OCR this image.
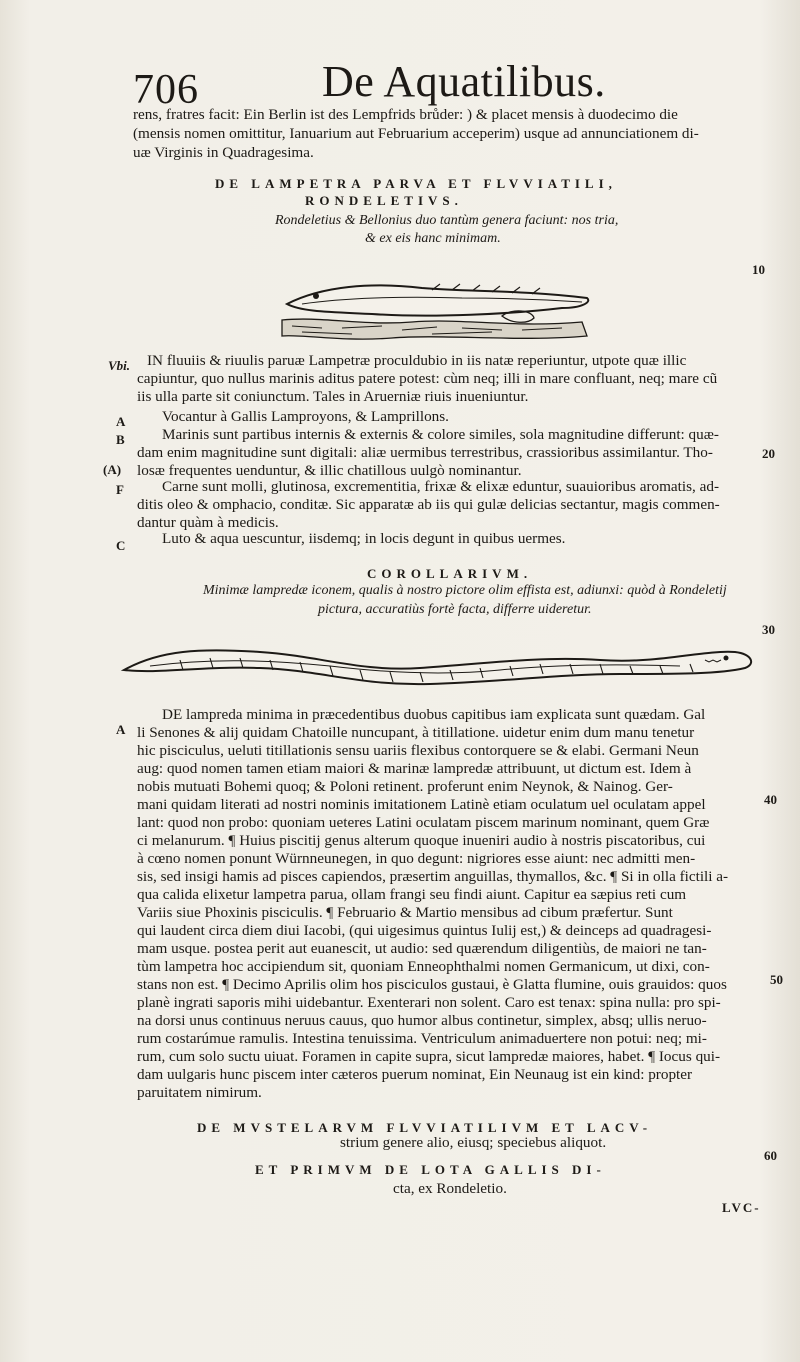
706	De Aquatilibus.
rens, fratres facit: Ein Berlin ist des Lempfrids brůder: ) & placet mensis à duodecimo die
(mensis nomen omittitur, Ianuarium aut Februarium acceperim) usque ad annunciationem di-
uæ Virginis in Quadragesima.
DE LAMPETRA PARVA ET FLVVIATILI,
RONDELETIVS.
Rondeletius & Bellonius duo tantùm genera faciunt: nos tria,
& ex eis hanc minimam.
10
Vbi. IN fluuiis & riuulis paruæ Lampetræ proculdubio in iis natæ reperiuntur, utpote quæ illic
capiuntur, quo nullus marinis aditus patere potest: cùm neq; illi in mare confluant, neq; mare cũ
iis ulla parte sit coniunctum. Tales in Aruerniæ riuis inueniuntur.
A Vocantur à Gallis Lamproyons, & Lamprillons.
B Marinis sunt partibus internis & externis & colore similes, sola magnitudine differunt: quæ-
dam enim magnitudine sunt digitali: aliæ uermibus terrestribus, crassioribus assimilantur. Tho-	20
(A) losæ frequentes uenduntur, & illic chatillous uulgò nominantur.
F	Carne sunt molli, glutinosa, excrementitia, frixæ & elixæ eduntur, suauioribus aromatis, ad-
ditis oleo & omphacio, conditæ. Sic apparatæ ab iis qui gulæ delicias sectantur, magis commen-
dantur quàm à medicis.
C Luto & aqua uescuntur, iisdemq; in locis degunt in quibus uermes.
COROLLARIVM.
Minimæ lampredæ iconem, qualis à nostro pictore olim effista est, adiunxi: quòd à Rondeletij
pictura, accuratiùs fortè facta, differre uideretur.
30
A
DE lampreda minima in præcedentibus duobus capitibus iam explicata sunt quædam. Gal
li Senones & alij quidam Chatoille nuncupant, à titillatione. uidetur enim dum manu tenetur
hic pisciculus, ueluti titillationis sensu uariis flexibus contorquere se & elabi. Germani Neun
aug: quod nomen tamen etiam maiori & marinæ lampredæ attribuunt, ut dictum est. Idem à
nobis mutuati Bohemi quoq; & Poloni retinent. proferunt enim Neynok, & Nainog. Ger-
40
mani quidam literati ad nostri nominis imitationem Latinè etiam oculatum uel oculatam appel
lant: quod non probo: quoniam ueteres Latini oculatam piscem marinum nominant, quem Græ
ci melanurum. ¶ Huius piscitij genus alterum quoque inueniri audio à nostris piscatoribus, cui
à cœno nomen ponunt Würnneunegen, in quo degunt: nigriores esse aiunt: nec admitti men-
sis, sed insigi hamis ad pisces capiendos, præsertim anguillas, thymallos, &c. ¶ Si in olla fictili a-
qua calida elixetur lampetra parua, ollam frangi seu findi aiunt. Capitur ea sæpius reti cum
Variis siue Phoxinis pisciculis. ¶ Februario & Martio mensibus ad cibum præfertur. Sunt
qui laudent circa diem diui Iacobi, (qui uigesimus quintus Iulij est,) & deinceps ad quadragesi-
mam usque. postea perit aut euanescit, ut audio: sed quærendum diligentiùs, de maiori ne tan-
tùm lampetra hoc accipiendum sit, quoniam Enneophthalmi nomen Germanicum, ut dixi, con-
50
stans non est. ¶ Decimo Aprilis olim hos pisciculos gustaui, è Glatta flumine, ouis grauidos: quos
planè ingrati saporis mihi uidebantur. Exenterari non solent. Caro est tenax: spina nulla: pro spi-
na dorsi unus continuus neruus cauus, quo humor albus continetur, simplex, absq; ullis neruo-
rum costarúmue ramulis. Intestina tenuissima. Ventriculum animaduertere non potui: neq; mi-
rum, cum solo suctu uiuat. Foramen in capite supra, sicut lampredæ maiores, habet. ¶ Iocus qui-
dam uulgaris hunc piscem inter cæteros puerum nominat, Ein Neunaug ist ein kind: propter
paruitatem nimirum.
DE MVSTELARVM FLVVIATILIVM ET LACV-
strium genere alio, eiusq; speciebus aliquot.
60
ET PRIMVM DE LOTA GALLIS DI-
cta, ex Rondeletio.
LVC-
